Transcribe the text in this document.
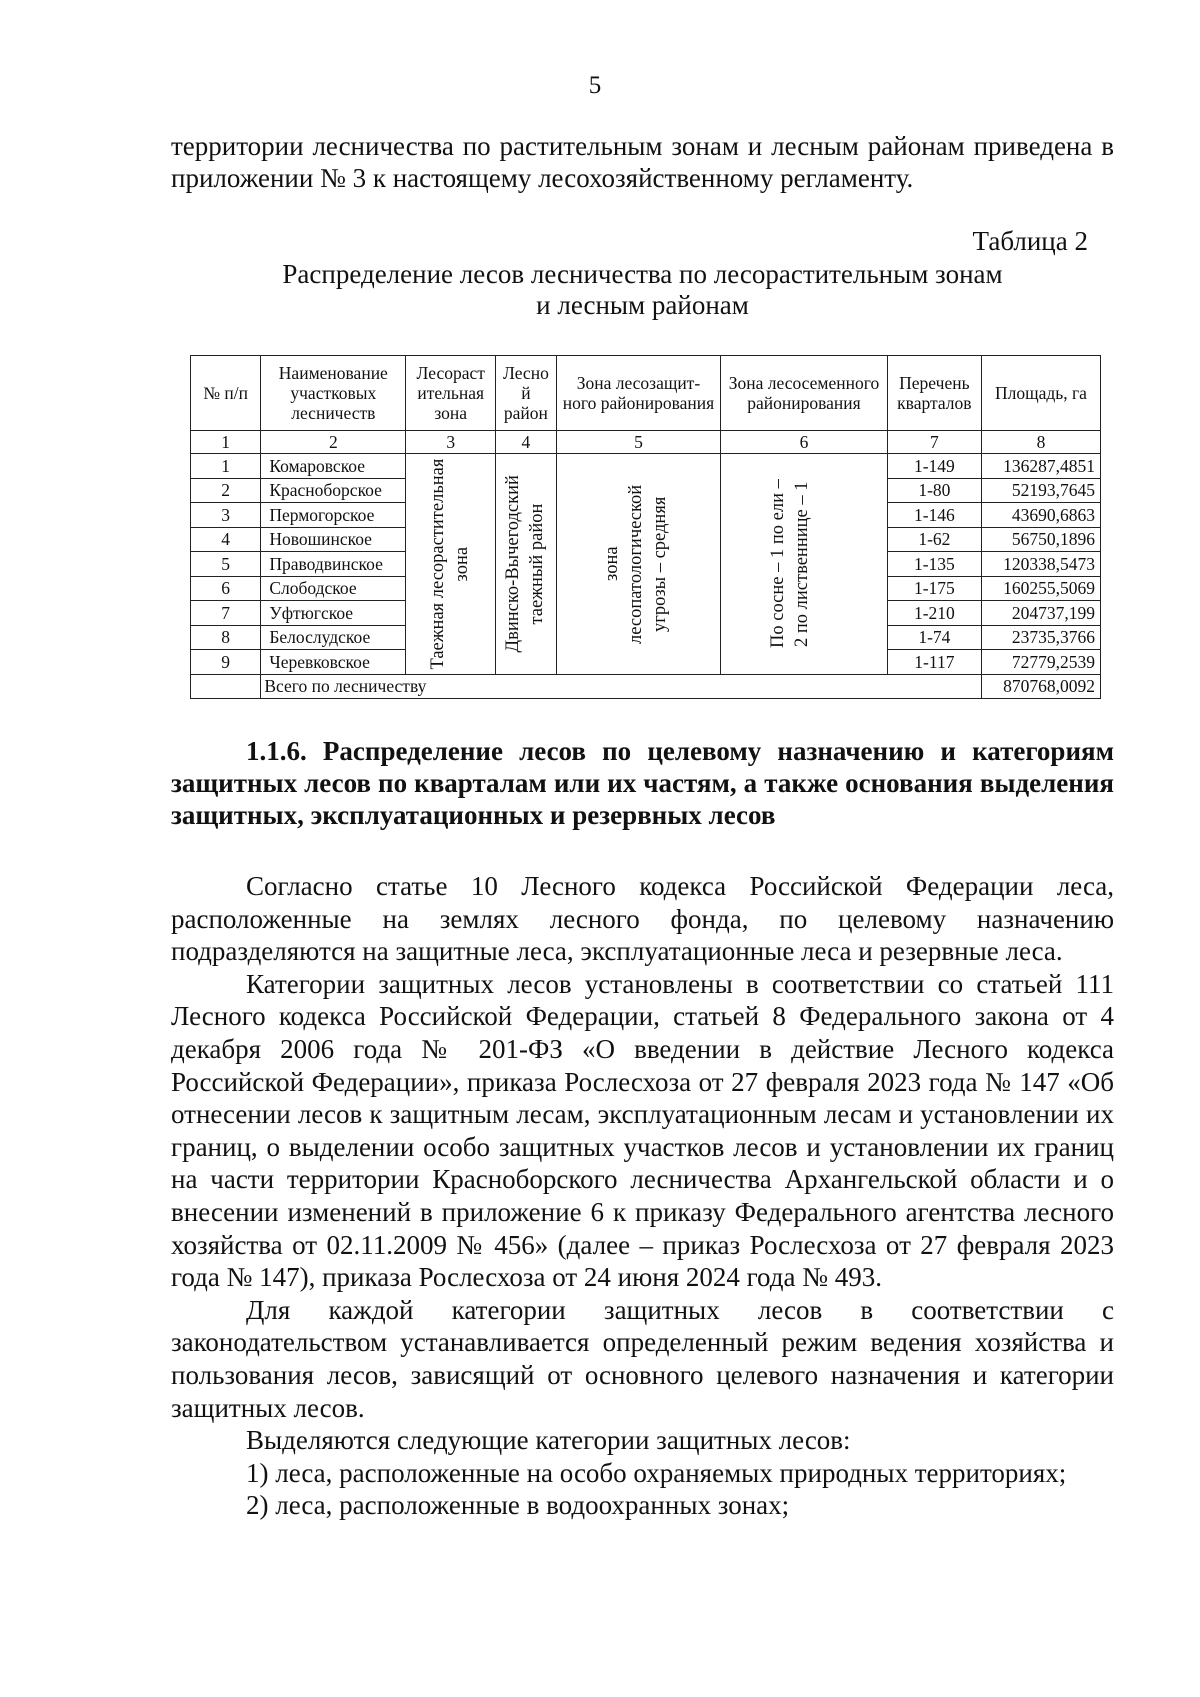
5

территории лесничества по растительным зонам и лесным районам приведена в приложении № 3 к настоящему лесохозяйственному регламенту.

Таблица 2
Распределение лесов лесничества по лесорастительным зонам
и лесным районам
№ п/п	Наименование участковых лесничеств	Лесораст ительная зона	Лесно й район	Зона лесозащит- ного районирования	Зона лесосеменного районирования	Перечень кварталов	Площадь, га
1	2	3	4	5	6	7	8
1	Комаровское	Таежная лесорастительная зона	Двинско-Вычегодский таежный район	зона лесопатологической угрозы – средняя	По сосне – 1 по ели – 2 по лиственнице – 1	1-149	136287,4851
2	Красноборское					1-80	52193,7645
3	Пермогорское					1-146	43690,6863
4	Новошинское					1-62	56750,1896
5	Праводвинское					1-135	120338,5473
6	Слободское					1-175	160255,5069
7	Уфтюгское					1-210	204737,199
8	Белослудское					1-74	23735,3766
9	Черевковское					1-117	72779,2539
	Всего по лесничеству						870768,0092

1.1.6. Распределение лесов по целевому назначению и категориям защитных лесов по кварталам или их частям, а также основания выделения защитных, эксплуатационных и резервных лесов

Согласно статье 10 Лесного кодекса Российской Федерации леса, расположенные на землях лесного фонда, по целевому назначению подразделяются на защитные леса, эксплуатационные леса и резервные леса.

Категории защитных лесов установлены в соответствии со статьей 111 Лесного кодекса Российской Федерации, статьей 8 Федерального закона от 4 декабря 2006 года № 201-ФЗ «О введении в действие Лесного кодекса Российской Федерации», приказа Рослесхоза от 27 февраля 2023 года № 147 «Об отнесении лесов к защитным лесам, эксплуатационным лесам и установлении их границ, о выделении особо защитных участков лесов и установлении их границ на части территории Красноборского лесничества Архангельской области и о внесении изменений в приложение 6 к приказу Федерального агентства лесного хозяйства от 02.11.2009 № 456» (далее – приказ Рослесхоза от 27 февраля 2023 года № 147), приказа Рослесхоза от 24 июня 2024 года № 493.

Для каждой категории защитных лесов в соответствии с законодательством устанавливается определенный режим ведения хозяйства и пользования лесов, зависящий от основного целевого назначения и категории защитных лесов.

Выделяются следующие категории защитных лесов:

1) леса, расположенные на особо охраняемых природных территориях;

2) леса, расположенные в водоохранных зонах;
